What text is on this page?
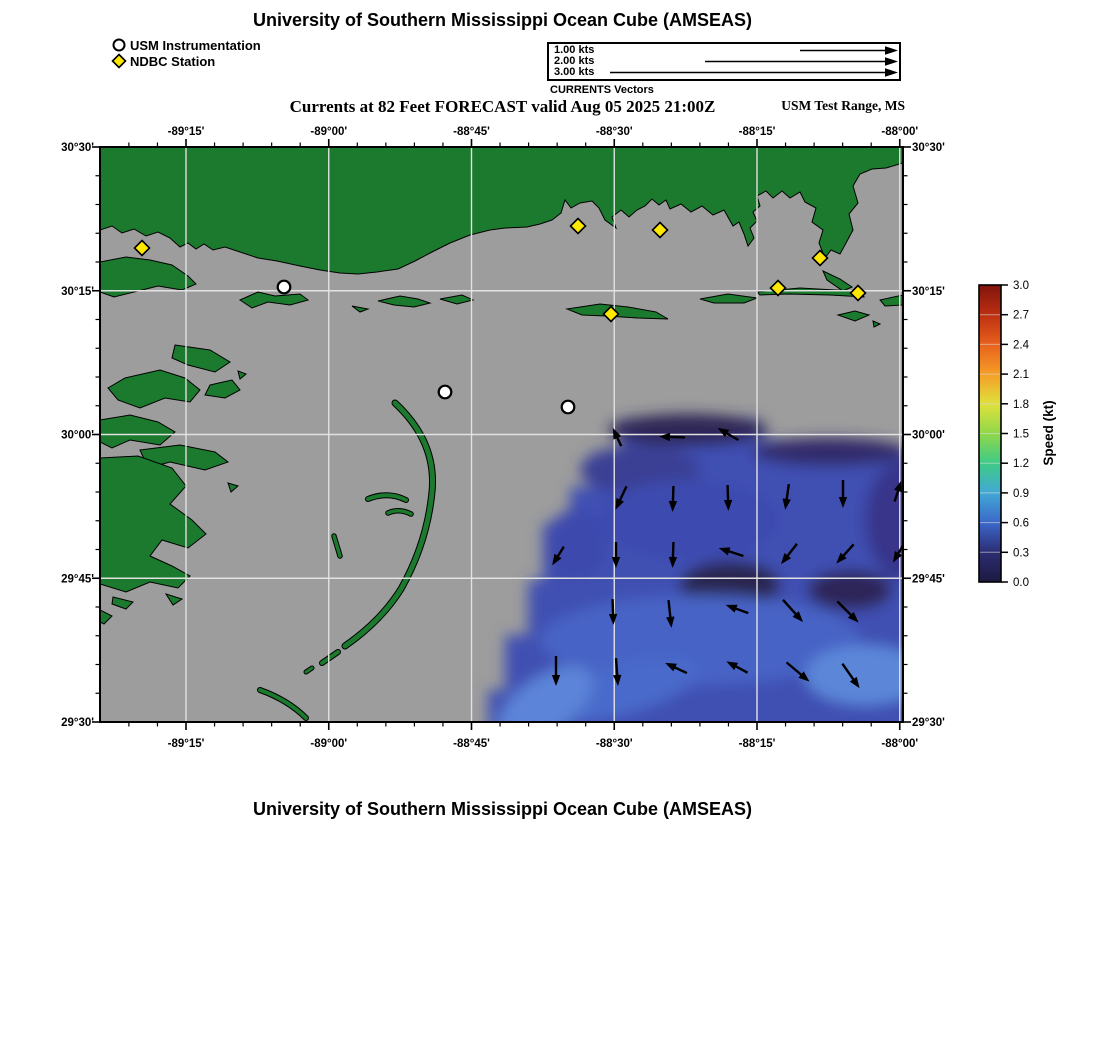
University of Southern Mississippi Ocean Cube (AMSEAS)
USM Instrumentation
NDBC Station
1.00 kts
2.00 kts
3.00 kts
CURRENTS Vectors
Currents at 82 Feet FORECAST valid Aug 05 2025 21:00Z	USM Test Range, MS
-89°15'
-89°15'
-89°00'
-89°00'
-88°45'
-88°45'
-88°30'
-88°30'
-88°15'
-88°15'
-88°00'
-88°00'
30°30'	30°30'
30°15'	30°15'
30°00'	30°00'
29°45'	29°45'
29°30'	29°30'
3.0
2.7
2.4
2.1
1.8
1.5
1.2
0.9
0.6
0.3
0.0
Speed (kt)
University of Southern Mississippi Ocean Cube (AMSEAS)
